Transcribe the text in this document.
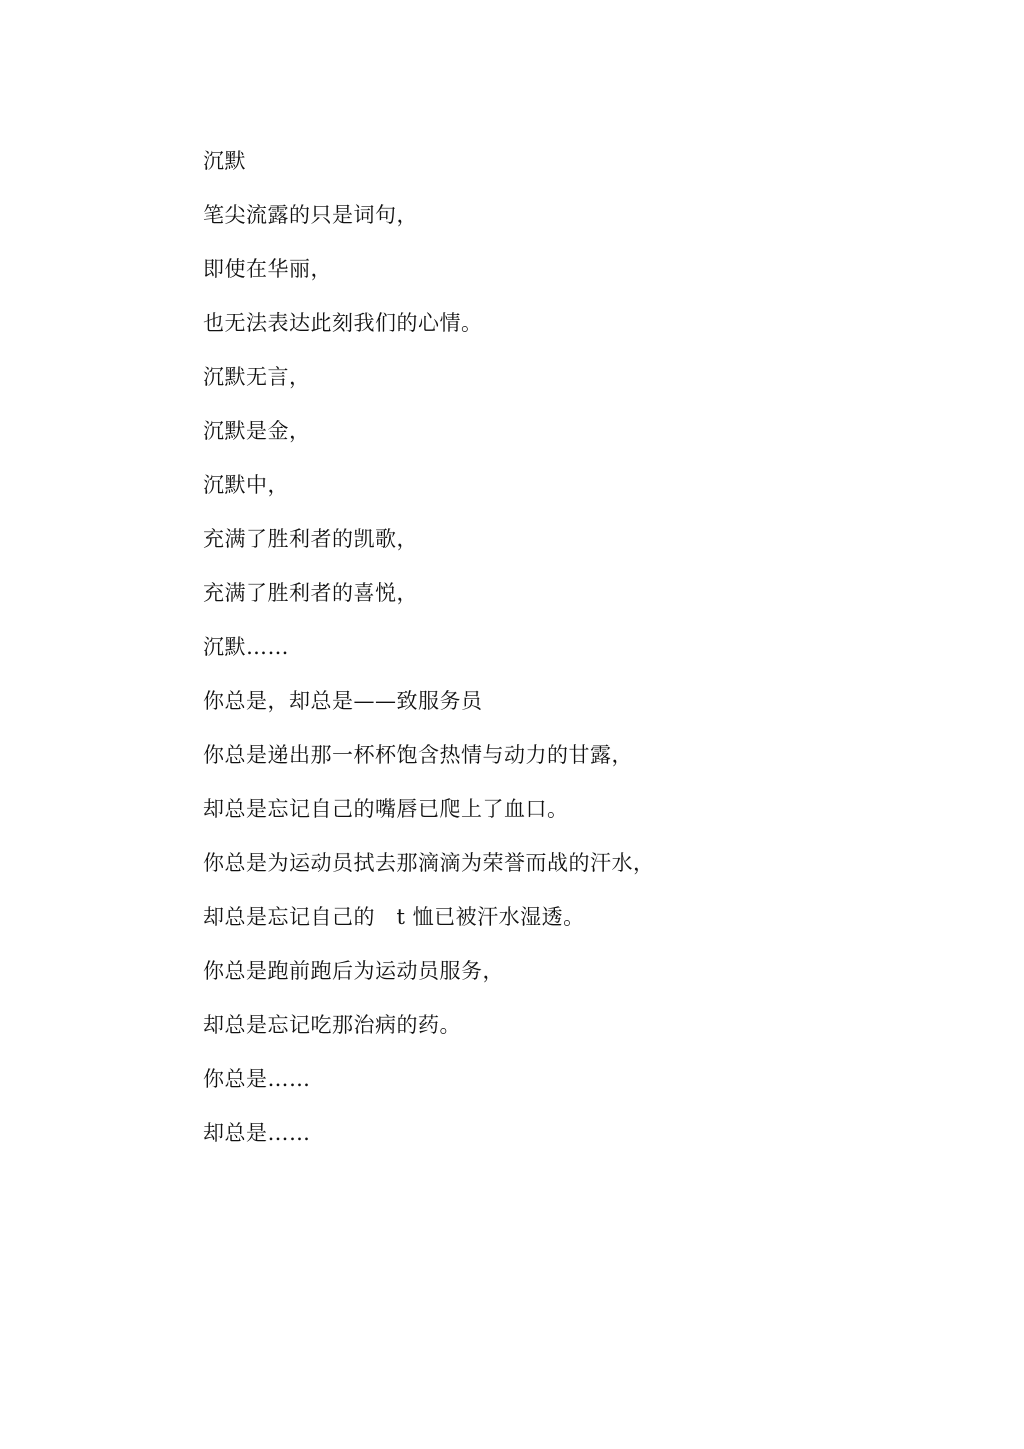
沉默
笔尖流露的只是词句，
即使在华丽，
也无法表达此刻我们的心情。
沉默无言，
沉默是金，
沉默中，
充满了胜利者的凯歌，
充满了胜利者的喜悦，
沉默……
你总是，却总是——致服务员
你总是递出那一杯杯饱含热情与动力的甘露，
却总是忘记自己的嘴唇已爬上了血口。
你总是为运动员拭去那滴滴为荣誉而战的汗水，
却总是忘记自己的   t 恤已被汗水湿透。
你总是跑前跑后为运动员服务，
却总是忘记吃那治病的药。
你总是……
却总是……
